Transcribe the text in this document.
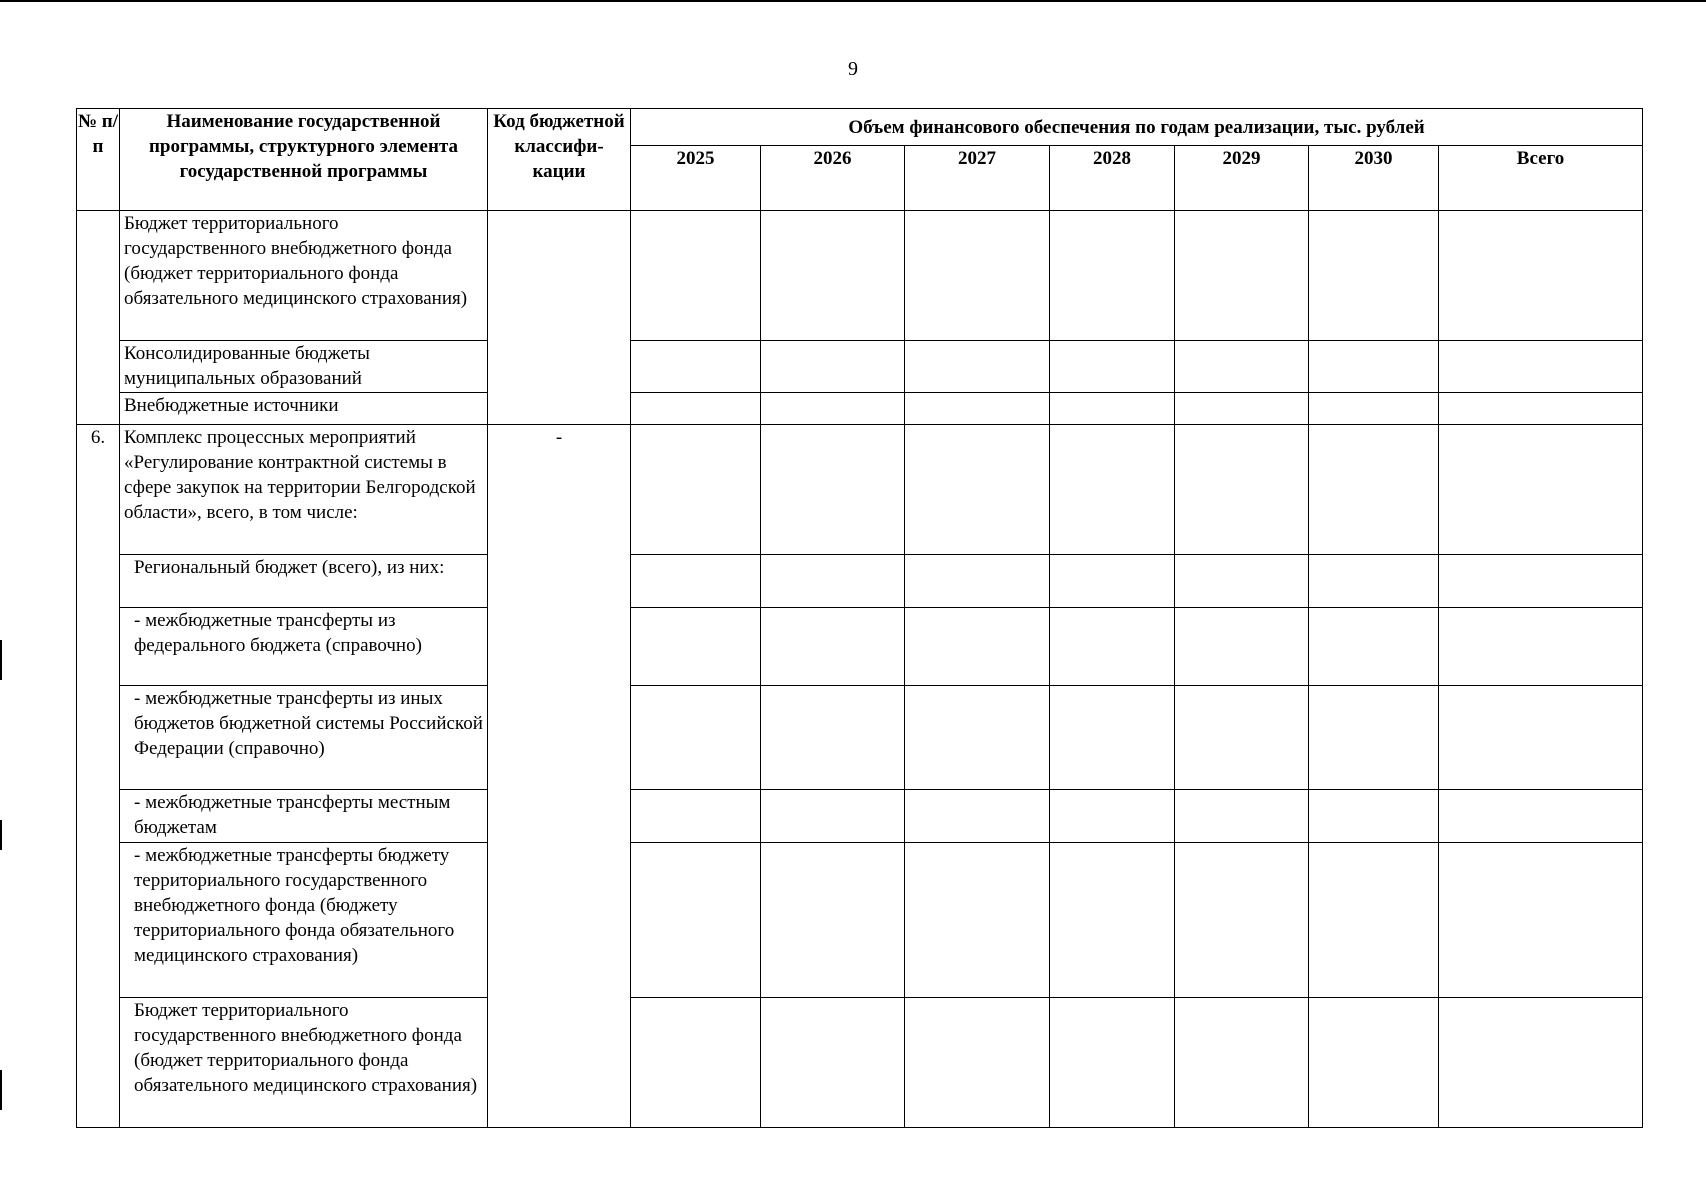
9
№ п/п	Наименование государственной программы, структурного элемента государственной программы	Код бюджетной классифи- кации	Объем финансового обеспечения по годам реализации, тыс. рублей						
			2025	2026	2027	2028	2029	2030	Всего
	Бюджет территориального государственного внебюджетного фонда (бюджет территориального фонда обязательного медицинского страхования)								
	Консолидированные бюджеты муниципальных образований								
	Внебюджетные источники								
6.	Комплекс процессных мероприятий «Регулирование контрактной системы в сфере закупок на территории Белгородской области», всего, в том числе:	-							
	Региональный бюджет (всего), из них:								
	- межбюджетные трансферты из федерального бюджета (справочно)								
	- межбюджетные трансферты из иных бюджетов бюджетной системы Российской Федерации (справочно)								
	- межбюджетные трансферты местным бюджетам								
	- межбюджетные трансферты бюджету территориального государственного внебюджетного фонда (бюджету территориального фонда обязательного медицинского страхования)								
	Бюджет территориального государственного внебюджетного фонда (бюджет территориального фонда обязательного медицинского страхования)								
